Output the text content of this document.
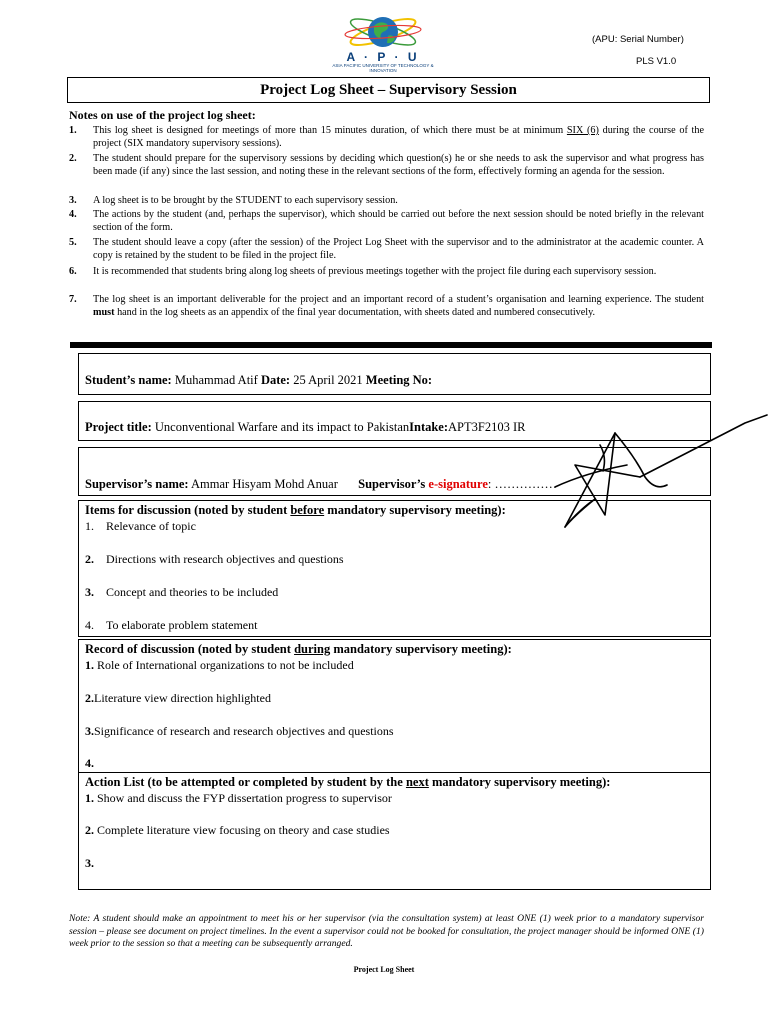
A · P · U
ASIA PACIFIC UNIVERSITY OF TECHNOLOGY & INNOVATION
(APU: Serial Number)
PLS V1.0
Project Log Sheet – Supervisory Session
Notes on use of the project log sheet:
1. This log sheet is designed for meetings of more than 15 minutes duration, of which there must be at minimum SIX (6) during the course of the project (SIX mandatory supervisory sessions).
2. The student should prepare for the supervisory sessions by deciding which question(s) he or she needs to ask the supervisor and what progress has been made (if any) since the last session, and noting these in the relevant sections of the form, effectively forming an agenda for the session.
3. A log sheet is to be brought by the STUDENT to each supervisory session.
4. The actions by the student (and, perhaps the supervisor), which should be carried out before the next session should be noted briefly in the relevant section of the form.
5. The student should leave a copy (after the session) of the Project Log Sheet with the supervisor and to the administrator at the academic counter. A copy is retained by the student to be filed in the project file.
6. It is recommended that students bring along log sheets of previous meetings together with the project file during each supervisory session.
7. The log sheet is an important deliverable for the project and an important record of a student’s organisation and learning experience. The student must hand in the log sheets as an appendix of the final year documentation, with sheets dated and numbered consecutively.
Student’s name: Muhammad Atif Date: 25 April 2021 Meeting No:
Project title: Unconventional Warfare and its impact to PakistanIntake:APT3F2103 IR
Supervisor’s name: Ammar Hisyam Mohd Anuar Supervisor’s e-signature: ……………
Items for discussion (noted by student before mandatory supervisory meeting):
1. Relevance of topic
2. Directions with research objectives and questions
3. Concept and theories to be included
4. To elaborate problem statement
Record of discussion (noted by student during mandatory supervisory meeting):
1. Role of International organizations to not be included
2.Literature view direction highlighted
3.Significance of research and research objectives and questions
4.
Action List (to be attempted or completed by student by the next mandatory supervisory meeting):
1. Show and discuss the FYP dissertation progress to supervisor
2. Complete literature view focusing on theory and case studies
3.
Note: A student should make an appointment to meet his or her supervisor (via the consultation system) at least ONE (1) week prior to a mandatory supervisor session – please see document on project timelines. In the event a supervisor could not be booked for consultation, the project manager should be informed ONE (1) week prior to the session so that a meeting can be subsequently arranged.
Project Log Sheet
